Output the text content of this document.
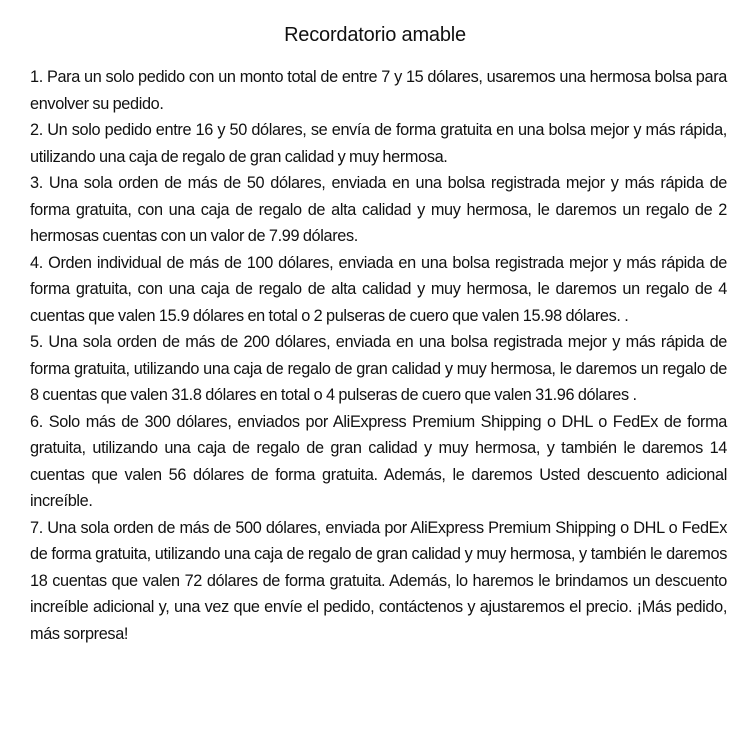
Recordatorio amable

1. Para un solo pedido con un monto total de entre 7 y 15 dólares, usaremos una hermosa bolsa para envolver su pedido.

2. Un solo pedido entre 16 y 50 dólares, se envía de forma gratuita en una bolsa mejor y más rápida, utilizando una caja de regalo de gran calidad y muy hermosa.

3. Una sola orden de más de 50 dólares, enviada en una bolsa registrada mejor y más rápida de forma gratuita, con una caja de regalo de alta calidad y muy hermosa, le daremos un regalo de 2 hermosas cuentas con un valor de 7.99 dólares.

4. Orden individual de más de 100 dólares, enviada en una bolsa registrada mejor y más rápida de forma gratuita, con una caja de regalo de alta calidad y muy hermosa, le daremos un regalo de 4 cuentas que valen 15.9 dólares en total o 2 pulseras de cuero que valen 15.98 dólares. .

5. Una sola orden de más de 200 dólares, enviada en una bolsa registrada mejor y más rápida de forma gratuita, utilizando una caja de regalo de gran calidad y muy hermosa, le daremos un regalo de 8 cuentas que valen 31.8 dólares en total o 4 pulseras de cuero que valen 31.96 dólares .

6. Solo más de 300 dólares, enviados por AliExpress Premium Shipping o DHL o FedEx de forma gratuita, utilizando una caja de regalo de gran calidad y muy hermosa, y también le daremos 14 cuentas que valen 56 dólares de forma gratuita. Además, le daremos Usted descuento adicional increíble.

7. Una sola orden de más de 500 dólares, enviada por AliExpress Premium Shipping o DHL o FedEx de forma gratuita, utilizando una caja de regalo de gran calidad y muy hermosa, y también le daremos 18 cuentas que valen 72 dólares de forma gratuita. Además, lo haremos le brindamos un descuento increíble adicional y, una vez que envíe el pedido, contáctenos y ajustaremos el precio. ¡Más pedido, más sorpresa!
